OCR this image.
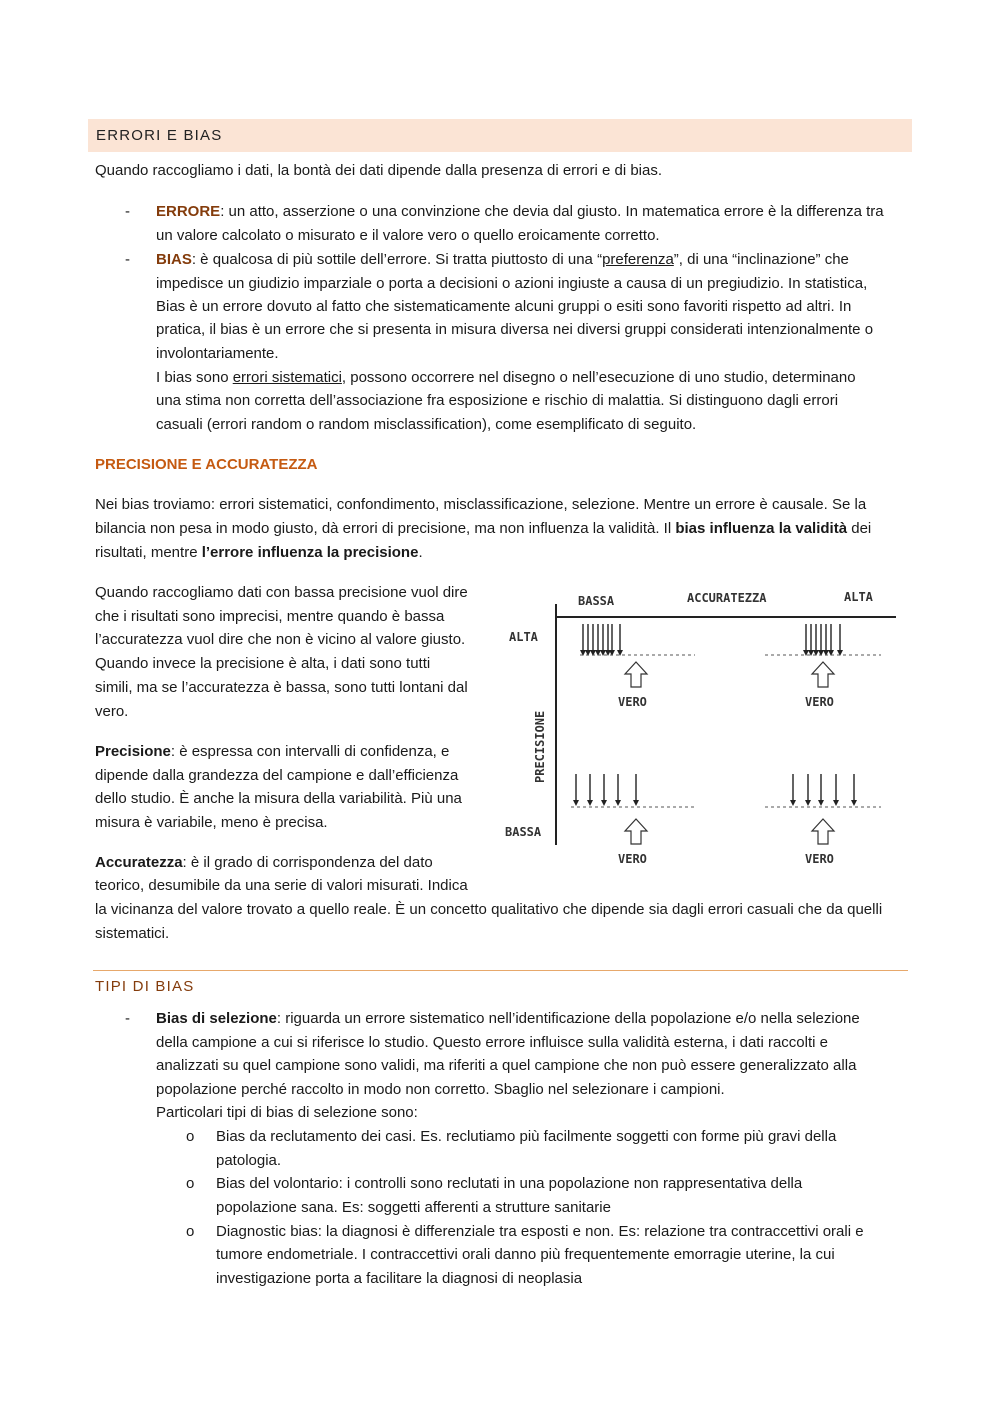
ERRORI E BIAS

Quando raccogliamo i dati, la bontà dei dati dipende dalla presenza di errori e di bias.

- ERRORE: un atto, asserzione o una convinzione che devia dal giusto. In matematica errore è la differenza tra

un valore calcolato o misurato e il valore vero o quello eroicamente corretto.

- BIAS: è qualcosa di più sottile dell’errore. Si tratta piuttosto di una “preferenza”, di una “inclinazione” che

impedisce un giudizio imparziale o porta a decisioni o azioni ingiuste a causa di un pregiudizio. In statistica,

Bias è un errore dovuto al fatto che sistematicamente alcuni gruppi o esiti sono favoriti rispetto ad altri. In

pratica, il bias è un errore che si presenta in misura diversa nei diversi gruppi considerati intenzionalmente o

involontariamente.

I bias sono errori sistematici, possono occorrere nel disegno o nell’esecuzione di uno studio, determinano

una stima non corretta dell’associazione fra esposizione e rischio di malattia. Si distinguono dagli errori

casuali (errori random o random misclassification), come esemplificato di seguito.

PRECISIONE E ACCURATEZZA

Nei bias troviamo: errori sistematici, confondimento, misclassificazione, selezione. Mentre un errore è causale. Se la

bilancia non pesa in modo giusto, dà errori di precisione, ma non influenza la validità. Il bias influenza la validità dei

risultati, mentre l’errore influenza la precisione.

Quando raccogliamo dati con bassa precisione vuol dire

che i risultati sono imprecisi, mentre quando è bassa

l’accuratezza vuol dire che non è vicino al valore giusto.

Quando invece la precisione è alta, i dati sono tutti

simili, ma se l’accuratezza è bassa, sono tutti lontani dal

vero.

Precisione: è espressa con intervalli di confidenza, e

dipende dalla grandezza del campione e dall’efficienza

dello studio. È anche la misura della variabilità. Più una

misura è variabile, meno è precisa.

Accuratezza: è il grado di corrispondenza del dato

teorico, desumibile da una serie di valori misurati. Indica

la vicinanza del valore trovato a quello reale. È un concetto qualitativo che dipende sia dagli errori casuali che da quelli

sistematici.

BASSA	ACCURATEZZA	ALTA
ALTA
BASSA
PRECISIONE
VERO	VERO
VERO	VERO
TIPI DI BIAS
- Bias di selezione: riguarda un errore sistematico nell’identificazione della popolazione e/o nella selezione

della campione a cui si riferisce lo studio. Questo errore influisce sulla validità esterna, i dati raccolti e

analizzati su quel campione sono validi, ma riferiti a quel campione che non può essere generalizzato alla

popolazione perché raccolto in modo non corretto. Sbaglio nel selezionare i campioni.

Particolari tipi di bias di selezione sono:

o Bias da reclutamento dei casi. Es. reclutiamo più facilmente soggetti con forme più gravi della

patologia.

o Bias del volontario: i controlli sono reclutati in una popolazione non rappresentativa della

popolazione sana. Es: soggetti afferenti a strutture sanitarie

o Diagnostic bias: la diagnosi è differenziale tra esposti e non. Es: relazione tra contraccettivi orali e

tumore endometriale. I contraccettivi orali danno più frequentemente emorragie uterine, la cui

investigazione porta a facilitare la diagnosi di neoplasia
